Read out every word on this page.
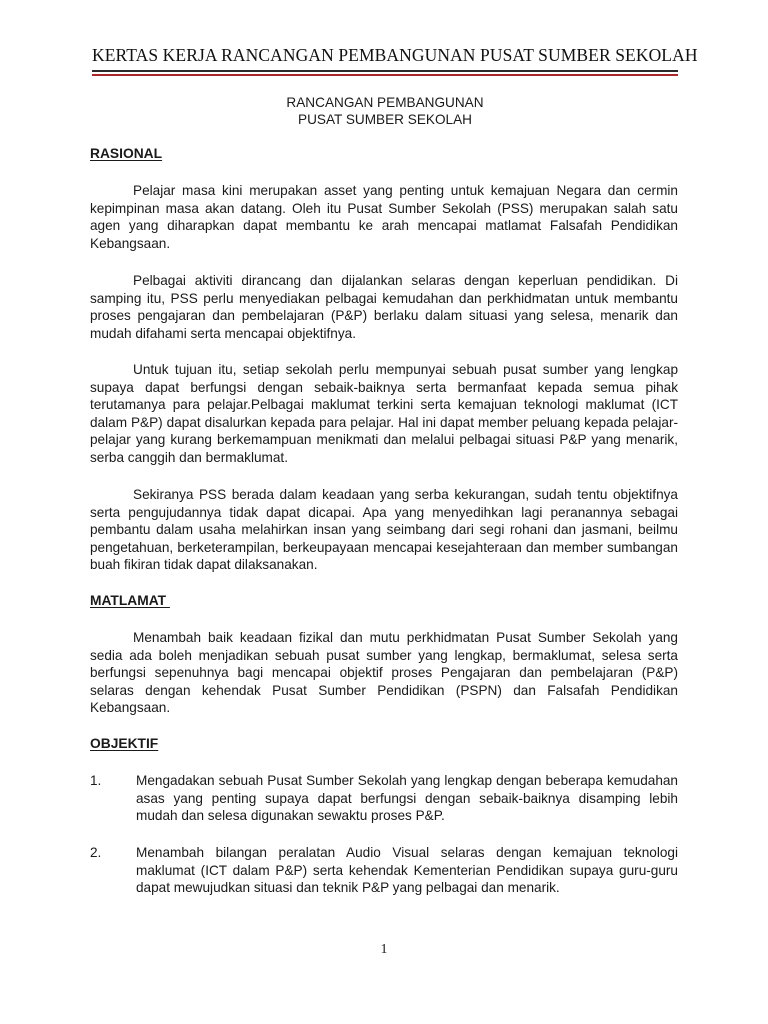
KERTAS KERJA RANCANGAN PEMBANGUNAN PUSAT SUMBER SEKOLAH
RANCANGAN PEMBANGUNAN
PUSAT SUMBER SEKOLAH
RASIONAL

Pelajar masa kini merupakan asset yang penting untuk kemajuan Negara dan cermin kepimpinan masa akan datang. Oleh itu Pusat Sumber Sekolah (PSS) merupakan salah satu agen yang diharapkan dapat membantu ke arah mencapai matlamat Falsafah Pendidikan Kebangsaan.

Pelbagai aktiviti dirancang dan dijalankan selaras dengan keperluan pendidikan. Di samping itu, PSS perlu menyediakan pelbagai kemudahan dan perkhidmatan untuk membantu proses pengajaran dan pembelajaran (P&P) berlaku dalam situasi yang selesa, menarik dan mudah difahami serta mencapai objektifnya.

Untuk tujuan itu, setiap sekolah perlu mempunyai sebuah pusat sumber yang lengkap supaya dapat berfungsi dengan sebaik-baiknya serta bermanfaat kepada semua pihak terutamanya para pelajar.Pelbagai maklumat terkini serta kemajuan teknologi maklumat (ICT dalam P&P) dapat disalurkan kepada para pelajar. Hal ini dapat member peluang kepada pelajar-pelajar yang kurang berkemampuan menikmati dan melalui pelbagai situasi P&P yang menarik, serba canggih dan bermaklumat.

Sekiranya PSS berada dalam keadaan yang serba kekurangan, sudah tentu objektifnya serta pengujudannya tidak dapat dicapai. Apa yang menyedihkan lagi peranannya sebagai pembantu dalam usaha melahirkan insan yang seimbang dari segi rohani dan jasmani, beilmu pengetahuan, berketerampilan, berkeupayaan mencapai kesejahteraan dan member sumbangan buah fikiran tidak dapat dilaksanakan.

MATLAMAT

Menambah baik keadaan fizikal dan mutu perkhidmatan Pusat Sumber Sekolah yang sedia ada boleh menjadikan sebuah pusat sumber yang lengkap, bermaklumat, selesa serta berfungsi sepenuhnya bagi mencapai objektif proses Pengajaran dan pembelajaran (P&P) selaras dengan kehendak Pusat Sumber Pendidikan (PSPN) dan Falsafah Pendidikan Kebangsaan.

OBJEKTIF
1.	Mengadakan sebuah Pusat Sumber Sekolah yang lengkap dengan beberapa kemudahan asas yang penting supaya dapat berfungsi dengan sebaik-baiknya disamping lebih mudah dan selesa digunakan sewaktu proses P&P.
2.	Menambah bilangan peralatan Audio Visual selaras dengan kemajuan teknologi maklumat (ICT dalam P&P) serta kehendak Kementerian Pendidikan supaya guru-guru dapat mewujudkan situasi dan teknik P&P yang pelbagai dan menarik.
1
